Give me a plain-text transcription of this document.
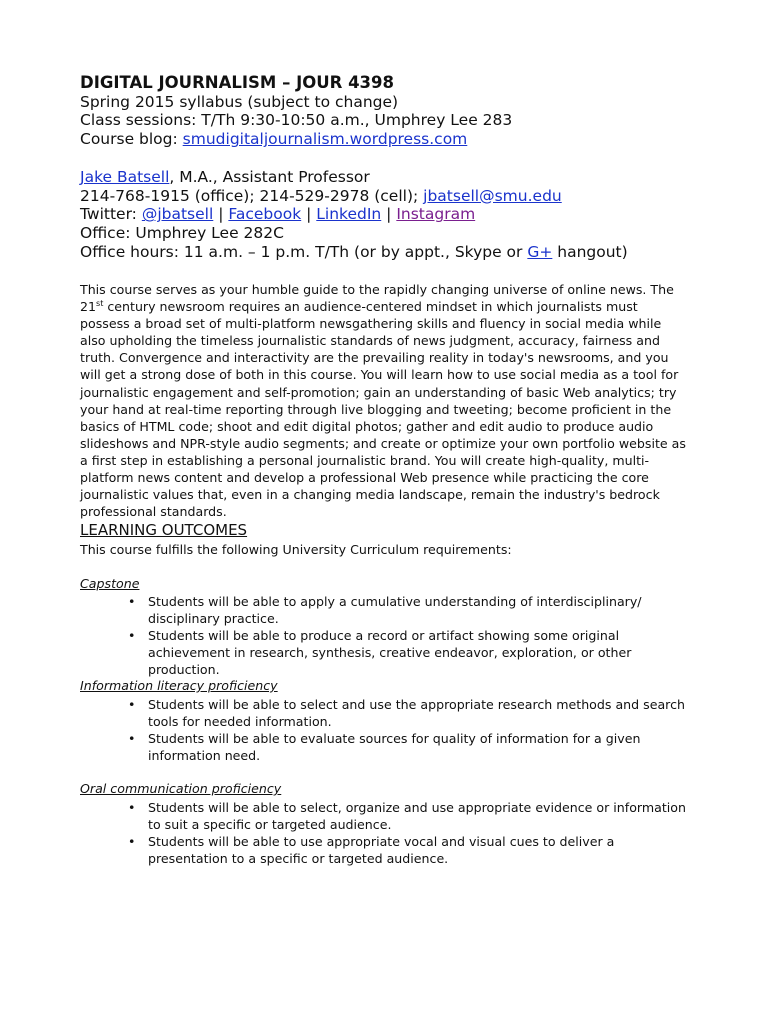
DIGITAL JOURNALISM – JOUR 4398
Spring 2015 syllabus (subject to change)
Class sessions: T/Th 9:30-10:50 a.m., Umphrey Lee 283
Course blog: smudigitaljournalism.wordpress.com
Jake Batsell, M.A., Assistant Professor
214-768-1915 (office); 214-529-2978 (cell); jbatsell@smu.edu
Twitter: @jbatsell | Facebook | LinkedIn | Instagram
Office: Umphrey Lee 282C
Office hours: 11 a.m. – 1 p.m. T/Th (or by appt., Skype or G+ hangout)
This course serves as your humble guide to the rapidly changing universe of online news. The 21st century newsroom requires an audience-centered mindset in which journalists must possess a broad set of multi-platform newsgathering skills and fluency in social media while also upholding the timeless journalistic standards of news judgment, accuracy, fairness and truth. Convergence and interactivity are the prevailing reality in today's newsrooms, and you will get a strong dose of both in this course. You will learn how to use social media as a tool for journalistic engagement and self-promotion; gain an understanding of basic Web analytics; try your hand at real-time reporting through live blogging and tweeting; become proficient in the basics of HTML code; shoot and edit digital photos; gather and edit audio to produce audio slideshows and NPR-style audio segments; and create or optimize your own portfolio website as a first step in establishing a personal journalistic brand. You will create high-quality, multi-platform news content and develop a professional Web presence while practicing the core journalistic values that, even in a changing media landscape, remain the industry's bedrock professional standards.
LEARNING OUTCOMES
This course fulfills the following University Curriculum requirements:
Capstone
• Students will be able to apply a cumulative understanding of interdisciplinary/ disciplinary practice.
• Students will be able to produce a record or artifact showing some original achievement in research, synthesis, creative endeavor, exploration, or other production.
Information literacy proficiency
• Students will be able to select and use the appropriate research methods and search tools for needed information.
• Students will be able to evaluate sources for quality of information for a given information need.
Oral communication proficiency
• Students will be able to select, organize and use appropriate evidence or information to suit a specific or targeted audience.
• Students will be able to use appropriate vocal and visual cues to deliver a presentation to a specific or targeted audience.
